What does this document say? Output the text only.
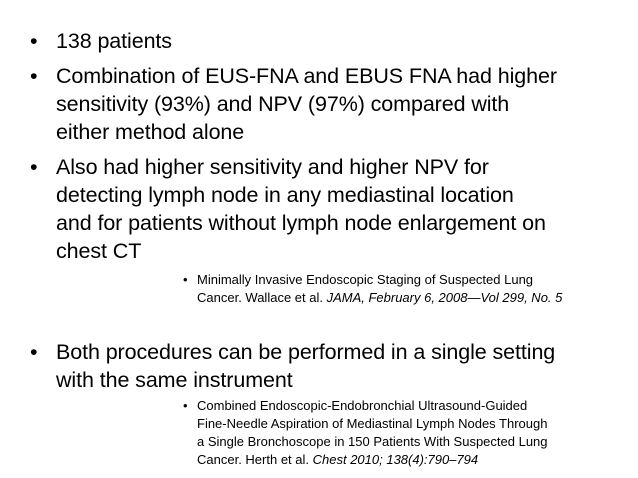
• 138 patients
• Combination of EUS-FNA and EBUS FNA had higher
sensitivity (93%) and NPV (97%) compared with
either method alone
• Also had higher sensitivity and higher NPV for
detecting lymph node in any mediastinal location
and for patients without lymph node enlargement on
chest CT
• Minimally Invasive Endoscopic Staging of Suspected Lung
Cancer. Wallace et al. JAMA, February 6, 2008—Vol 299, No. 5
• Both procedures can be performed in a single setting
with the same instrument
• Combined Endoscopic-Endobronchial Ultrasound-Guided
Fine-Needle Aspiration of Mediastinal Lymph Nodes Through
a Single Bronchoscope in 150 Patients With Suspected Lung
Cancer. Herth et al. Chest 2010; 138(4):790–794
